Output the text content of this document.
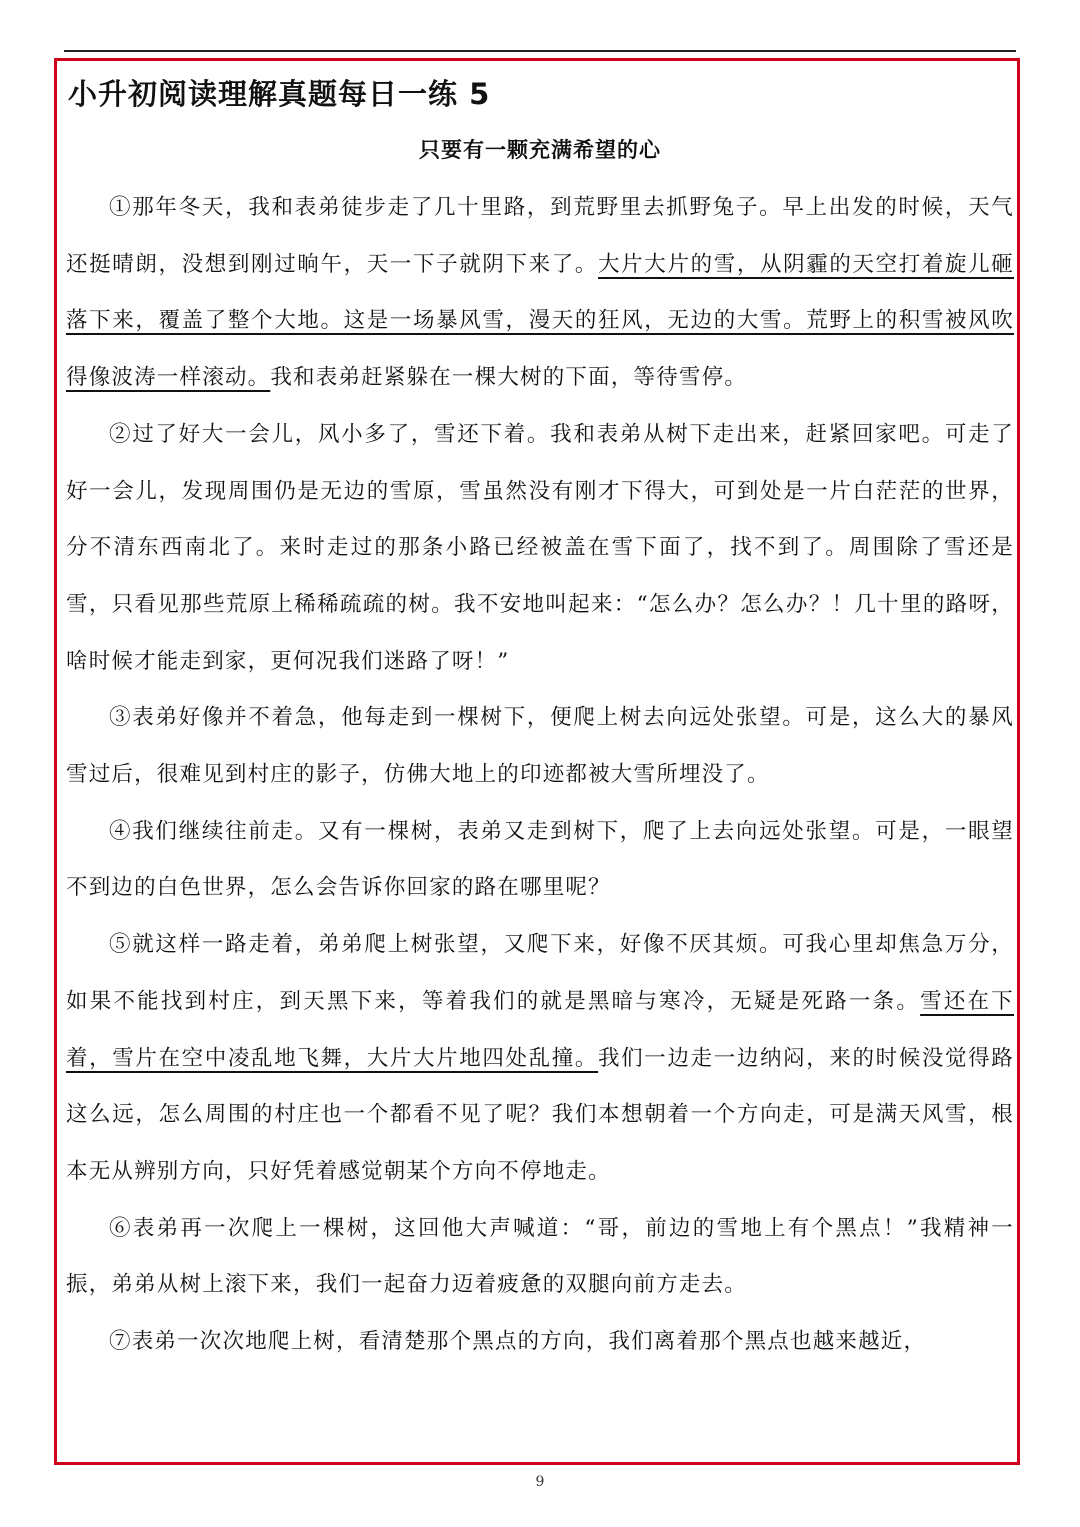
小升初阅读理解真题每日一练 5
只要有一颗充满希望的心

①那年冬天，我和表弟徒步走了几十里路，到荒野里去抓野兔子。早上出发的时候，天气还挺晴朗，没想到刚过晌午，天一下子就阴下来了。大片大片的雪，从阴霾的天空打着旋儿砸落下来，覆盖了整个大地。这是一场暴风雪，漫天的狂风，无边的大雪。荒野上的积雪被风吹得像波涛一样滚动。我和表弟赶紧躲在一棵大树的下面，等待雪停。

②过了好大一会儿，风小多了，雪还下着。我和表弟从树下走出来，赶紧回家吧。可走了好一会儿，发现周围仍是无边的雪原，雪虽然没有刚才下得大，可到处是一片白茫茫的世界，分不清东西南北了。来时走过的那条小路已经被盖在雪下面了，找不到了。周围除了雪还是雪，只看见那些荒原上稀稀疏疏的树。我不安地叫起来：“怎么办？怎么办？！几十里的路呀，啥时候才能走到家，更何况我们迷路了呀！”

③表弟好像并不着急，他每走到一棵树下，便爬上树去向远处张望。可是，这么大的暴风雪过后，很难见到村庄的影子，仿佛大地上的印迹都被大雪所埋没了。

④我们继续往前走。又有一棵树，表弟又走到树下，爬了上去向远处张望。可是，一眼望不到边的白色世界，怎么会告诉你回家的路在哪里呢？

⑤就这样一路走着，弟弟爬上树张望，又爬下来，好像不厌其烦。可我心里却焦急万分，如果不能找到村庄，到天黑下来，等着我们的就是黑暗与寒冷，无疑是死路一条。雪还在下着，雪片在空中凌乱地飞舞，大片大片地四处乱撞。我们一边走一边纳闷，来的时候没觉得路这么远，怎么周围的村庄也一个都看不见了呢？我们本想朝着一个方向走，可是满天风雪，根本无从辨别方向，只好凭着感觉朝某个方向不停地走。

⑥表弟再一次爬上一棵树，这回他大声喊道：“哥，前边的雪地上有个黑点！”我精神一振，弟弟从树上滚下来，我们一起奋力迈着疲惫的双腿向前方走去。

⑦表弟一次次地爬上树，看清楚那个黑点的方向，我们离着那个黑点也越来越近，

9
